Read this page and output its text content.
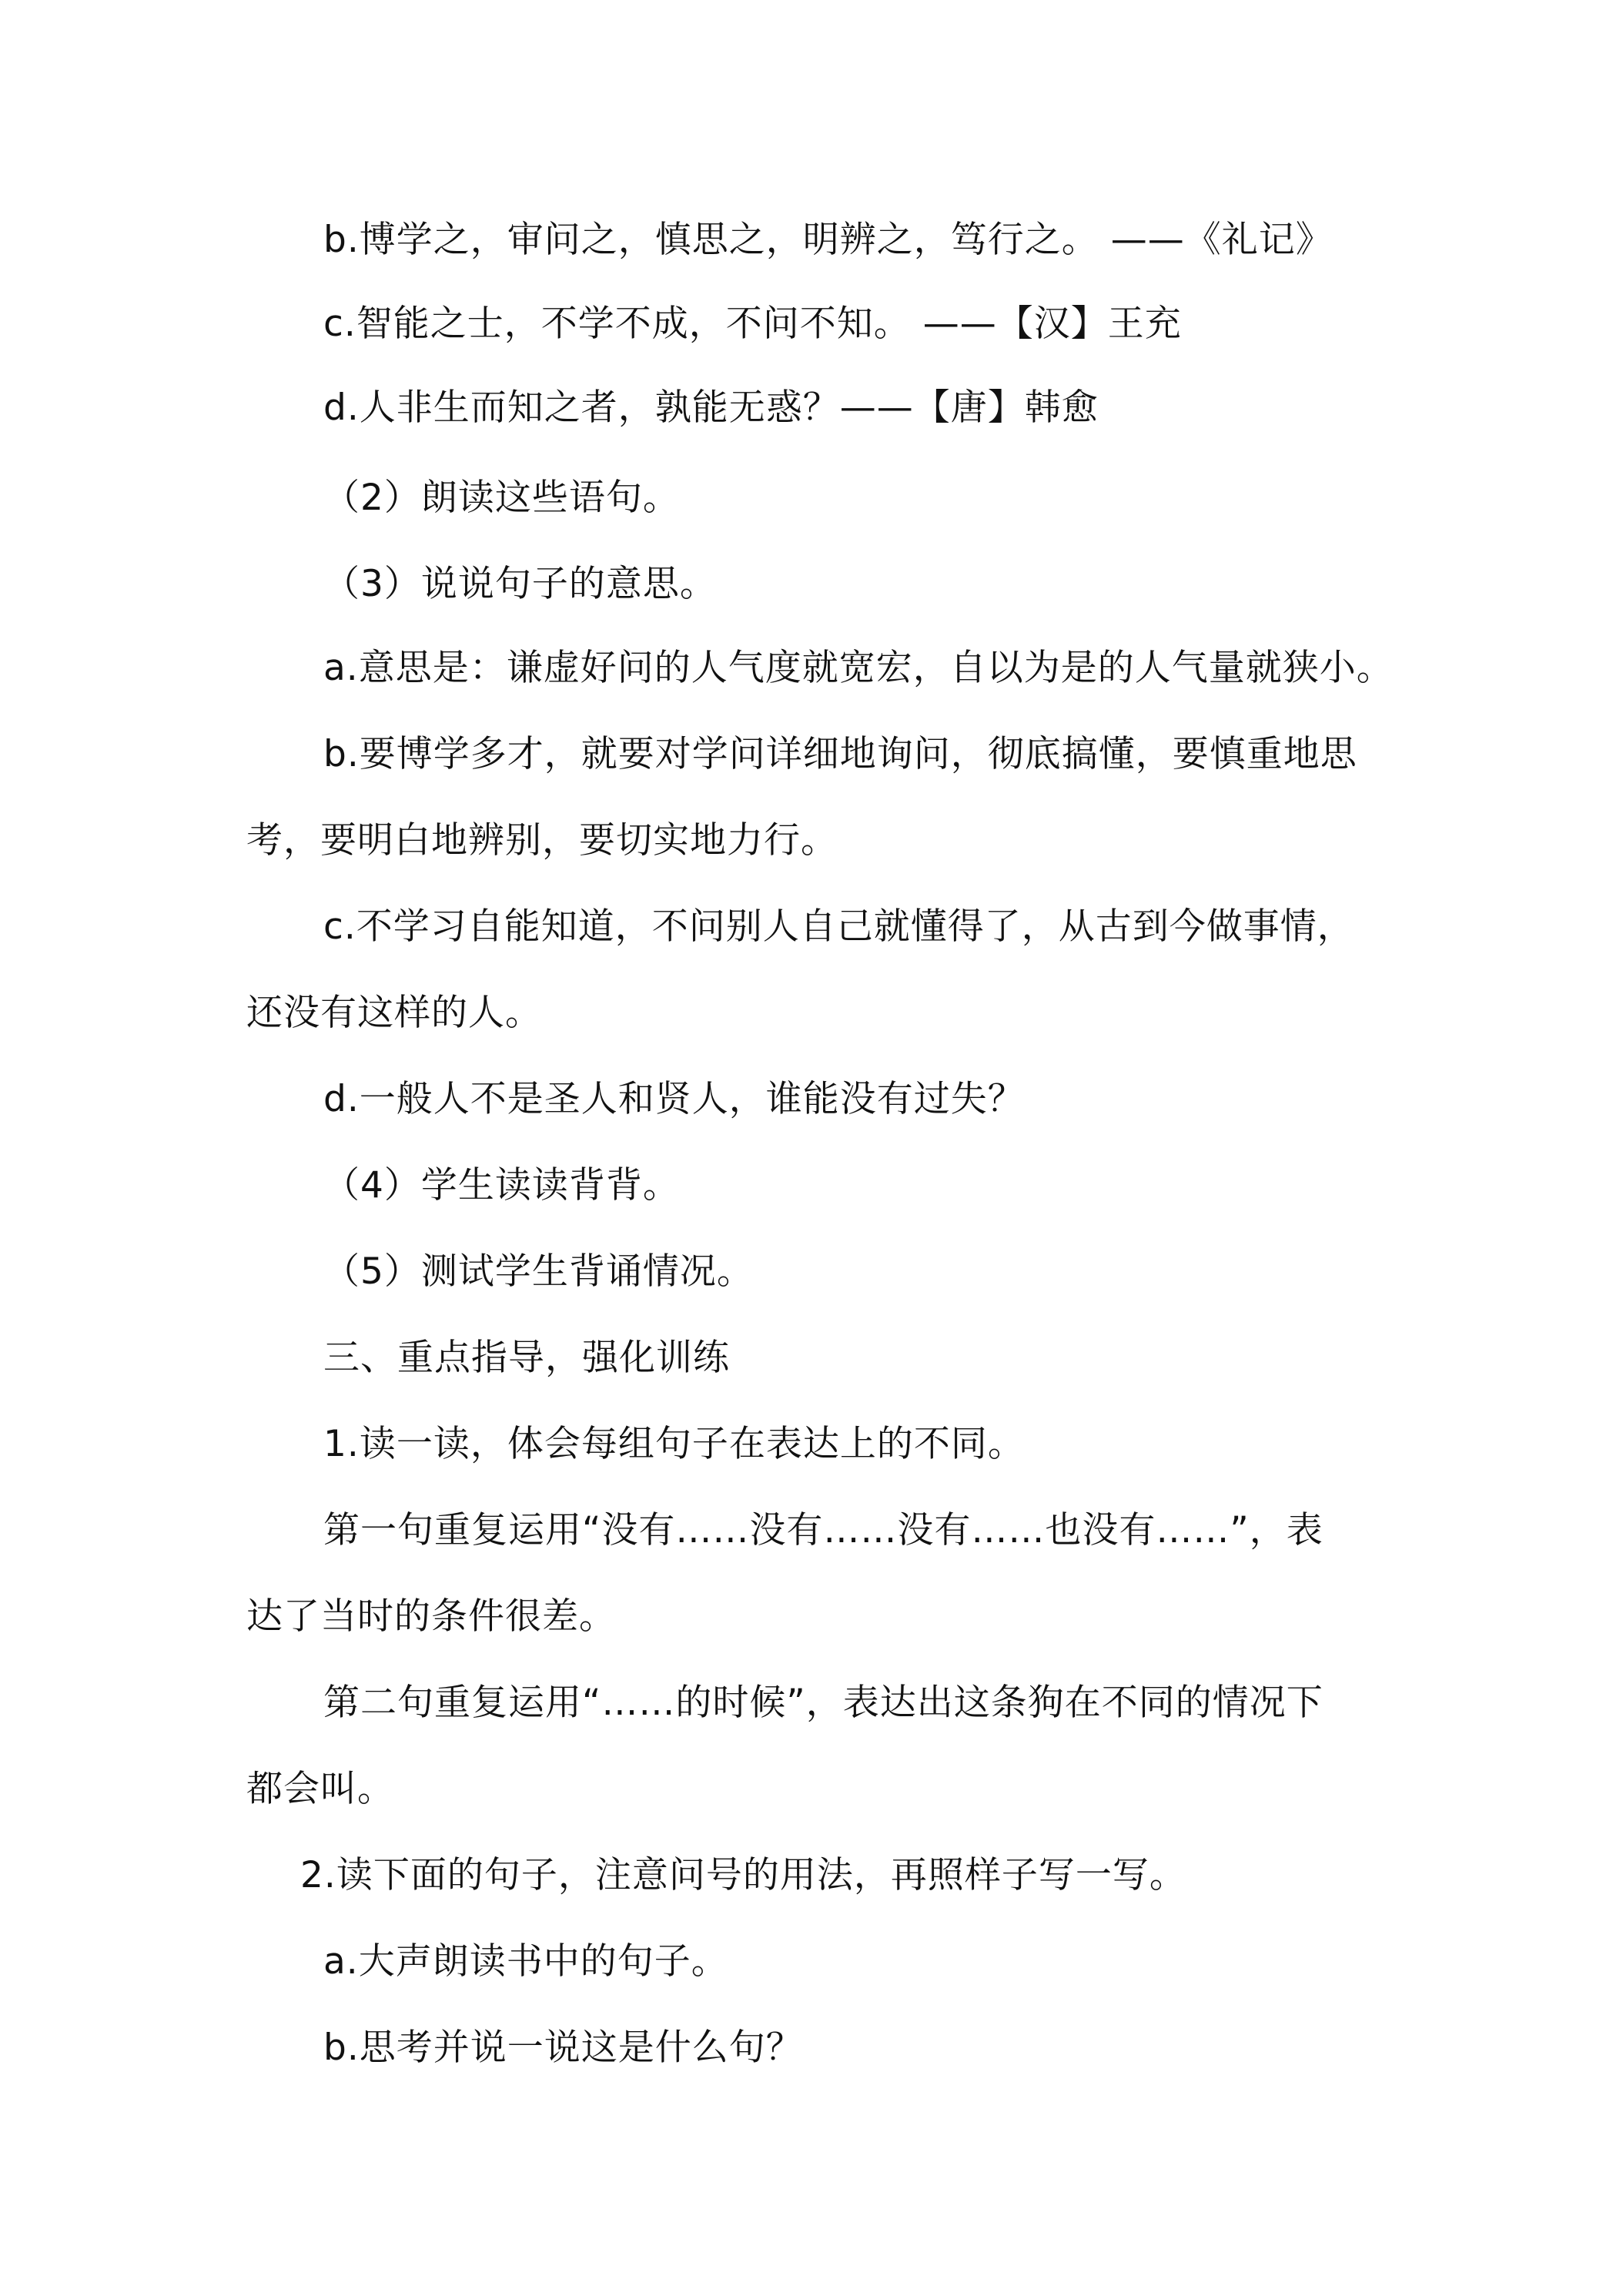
b.博学之，审问之，慎思之，明辨之，笃行之。 ——《礼记》
c.智能之士，不学不成，不问不知。 ——【汉】王充
d.人非生而知之者，孰能无惑？——【唐】韩愈
（2）朗读这些语句。
（3）说说句子的意思。
a.意思是：谦虚好问的人气度就宽宏，自以为是的人气量就狭小。
b.要博学多才，就要对学问详细地询问，彻底搞懂，要慎重地思
考，要明白地辨别，要切实地力行。
c.不学习自能知道，不问别人自己就懂得了，从古到今做事情，
还没有这样的人。
d.一般人不是圣人和贤人，谁能没有过失？
（4）学生读读背背。
（5）测试学生背诵情况。
三、重点指导，强化训练
1.读一读，体会每组句子在表达上的不同。
第一句重复运用“没有……没有……没有……也没有……”，表
达了当时的条件很差。
第二句重复运用“……的时候”，表达出这条狗在不同的情况下
都会叫。
2.读下面的句子，注意问号的用法，再照样子写一写。
a.大声朗读书中的句子。
b.思考并说一说这是什么句？
